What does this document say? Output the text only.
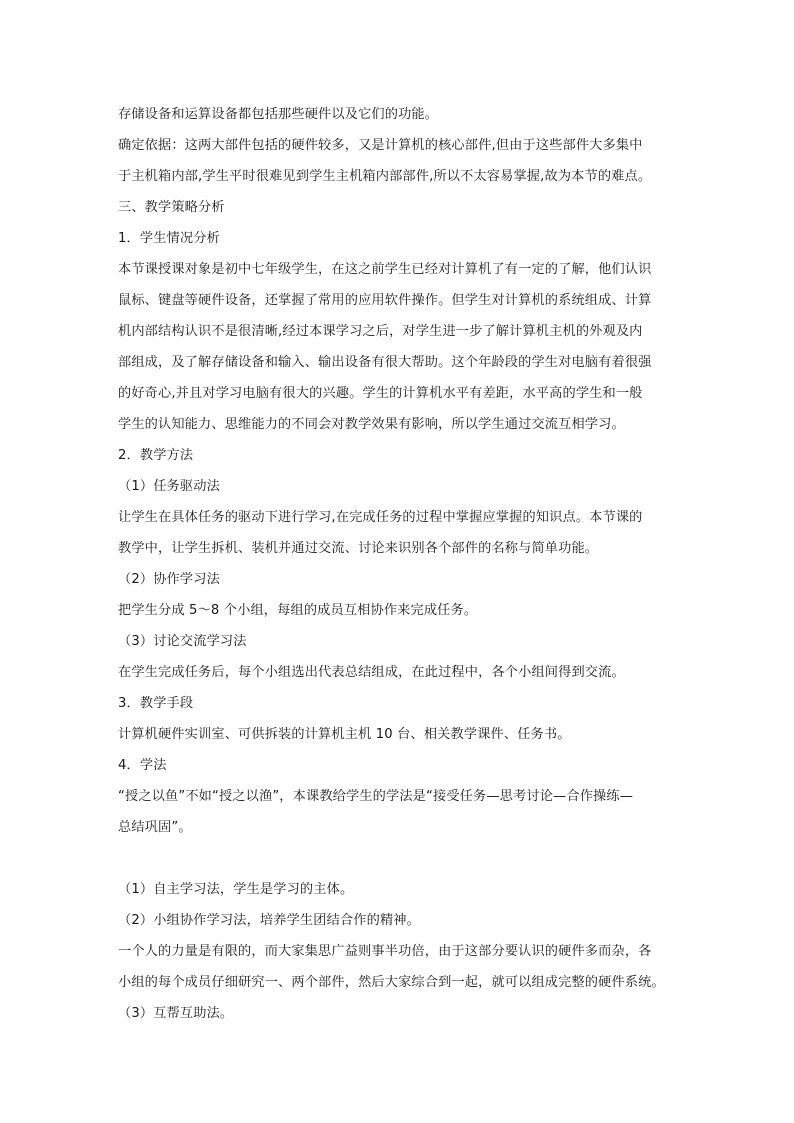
存储设备和运算设备都包括那些硬件以及它们的功能。
确定依据：这两大部件包括的硬件较多，又是计算机的核心部件,但由于这些部件大多集中
于主机箱内部,学生平时很难见到学生主机箱内部部件,所以不太容易掌握,故为本节的难点。
三、教学策略分析
1．学生情况分析
本节课授课对象是初中七年级学生，在这之前学生已经对计算机了有一定的了解，他们认识
鼠标、键盘等硬件设备，还掌握了常用的应用软件操作。但学生对计算机的系统组成、计算
机内部结构认识不是很清晰,经过本课学习之后，对学生进一步了解计算机主机的外观及内
部组成，及了解存储设备和输入、输出设备有很大帮助。这个年龄段的学生对电脑有着很强
的好奇心,并且对学习电脑有很大的兴趣。学生的计算机水平有差距，水平高的学生和一般
学生的认知能力、思维能力的不同会对教学效果有影响，所以学生通过交流互相学习。
2．教学方法
（1）任务驱动法
让学生在具体任务的驱动下进行学习,在完成任务的过程中掌握应掌握的知识点。本节课的
教学中，让学生拆机、装机并通过交流、讨论来识别各个部件的名称与简单功能。
（2）协作学习法
把学生分成 5～8 个小组，每组的成员互相协作来完成任务。
（3）讨论交流学习法
在学生完成任务后，每个小组选出代表总结组成，在此过程中，各个小组间得到交流。
3．教学手段
计算机硬件实训室、可供拆装的计算机主机 10 台、相关教学课件、任务书。
4．学法
“授之以鱼”不如“授之以渔”，本课教给学生的学法是“接受任务—思考讨论—合作操练—
总结巩固”。
（1）自主学习法，学生是学习的主体。
（2）小组协作学习法，培养学生团结合作的精神。
一个人的力量是有限的，而大家集思广益则事半功倍，由于这部分要认识的硬件多而杂，各
小组的每个成员仔细研究一、两个部件，然后大家综合到一起，就可以组成完整的硬件系统。
（3）互帮互助法。
